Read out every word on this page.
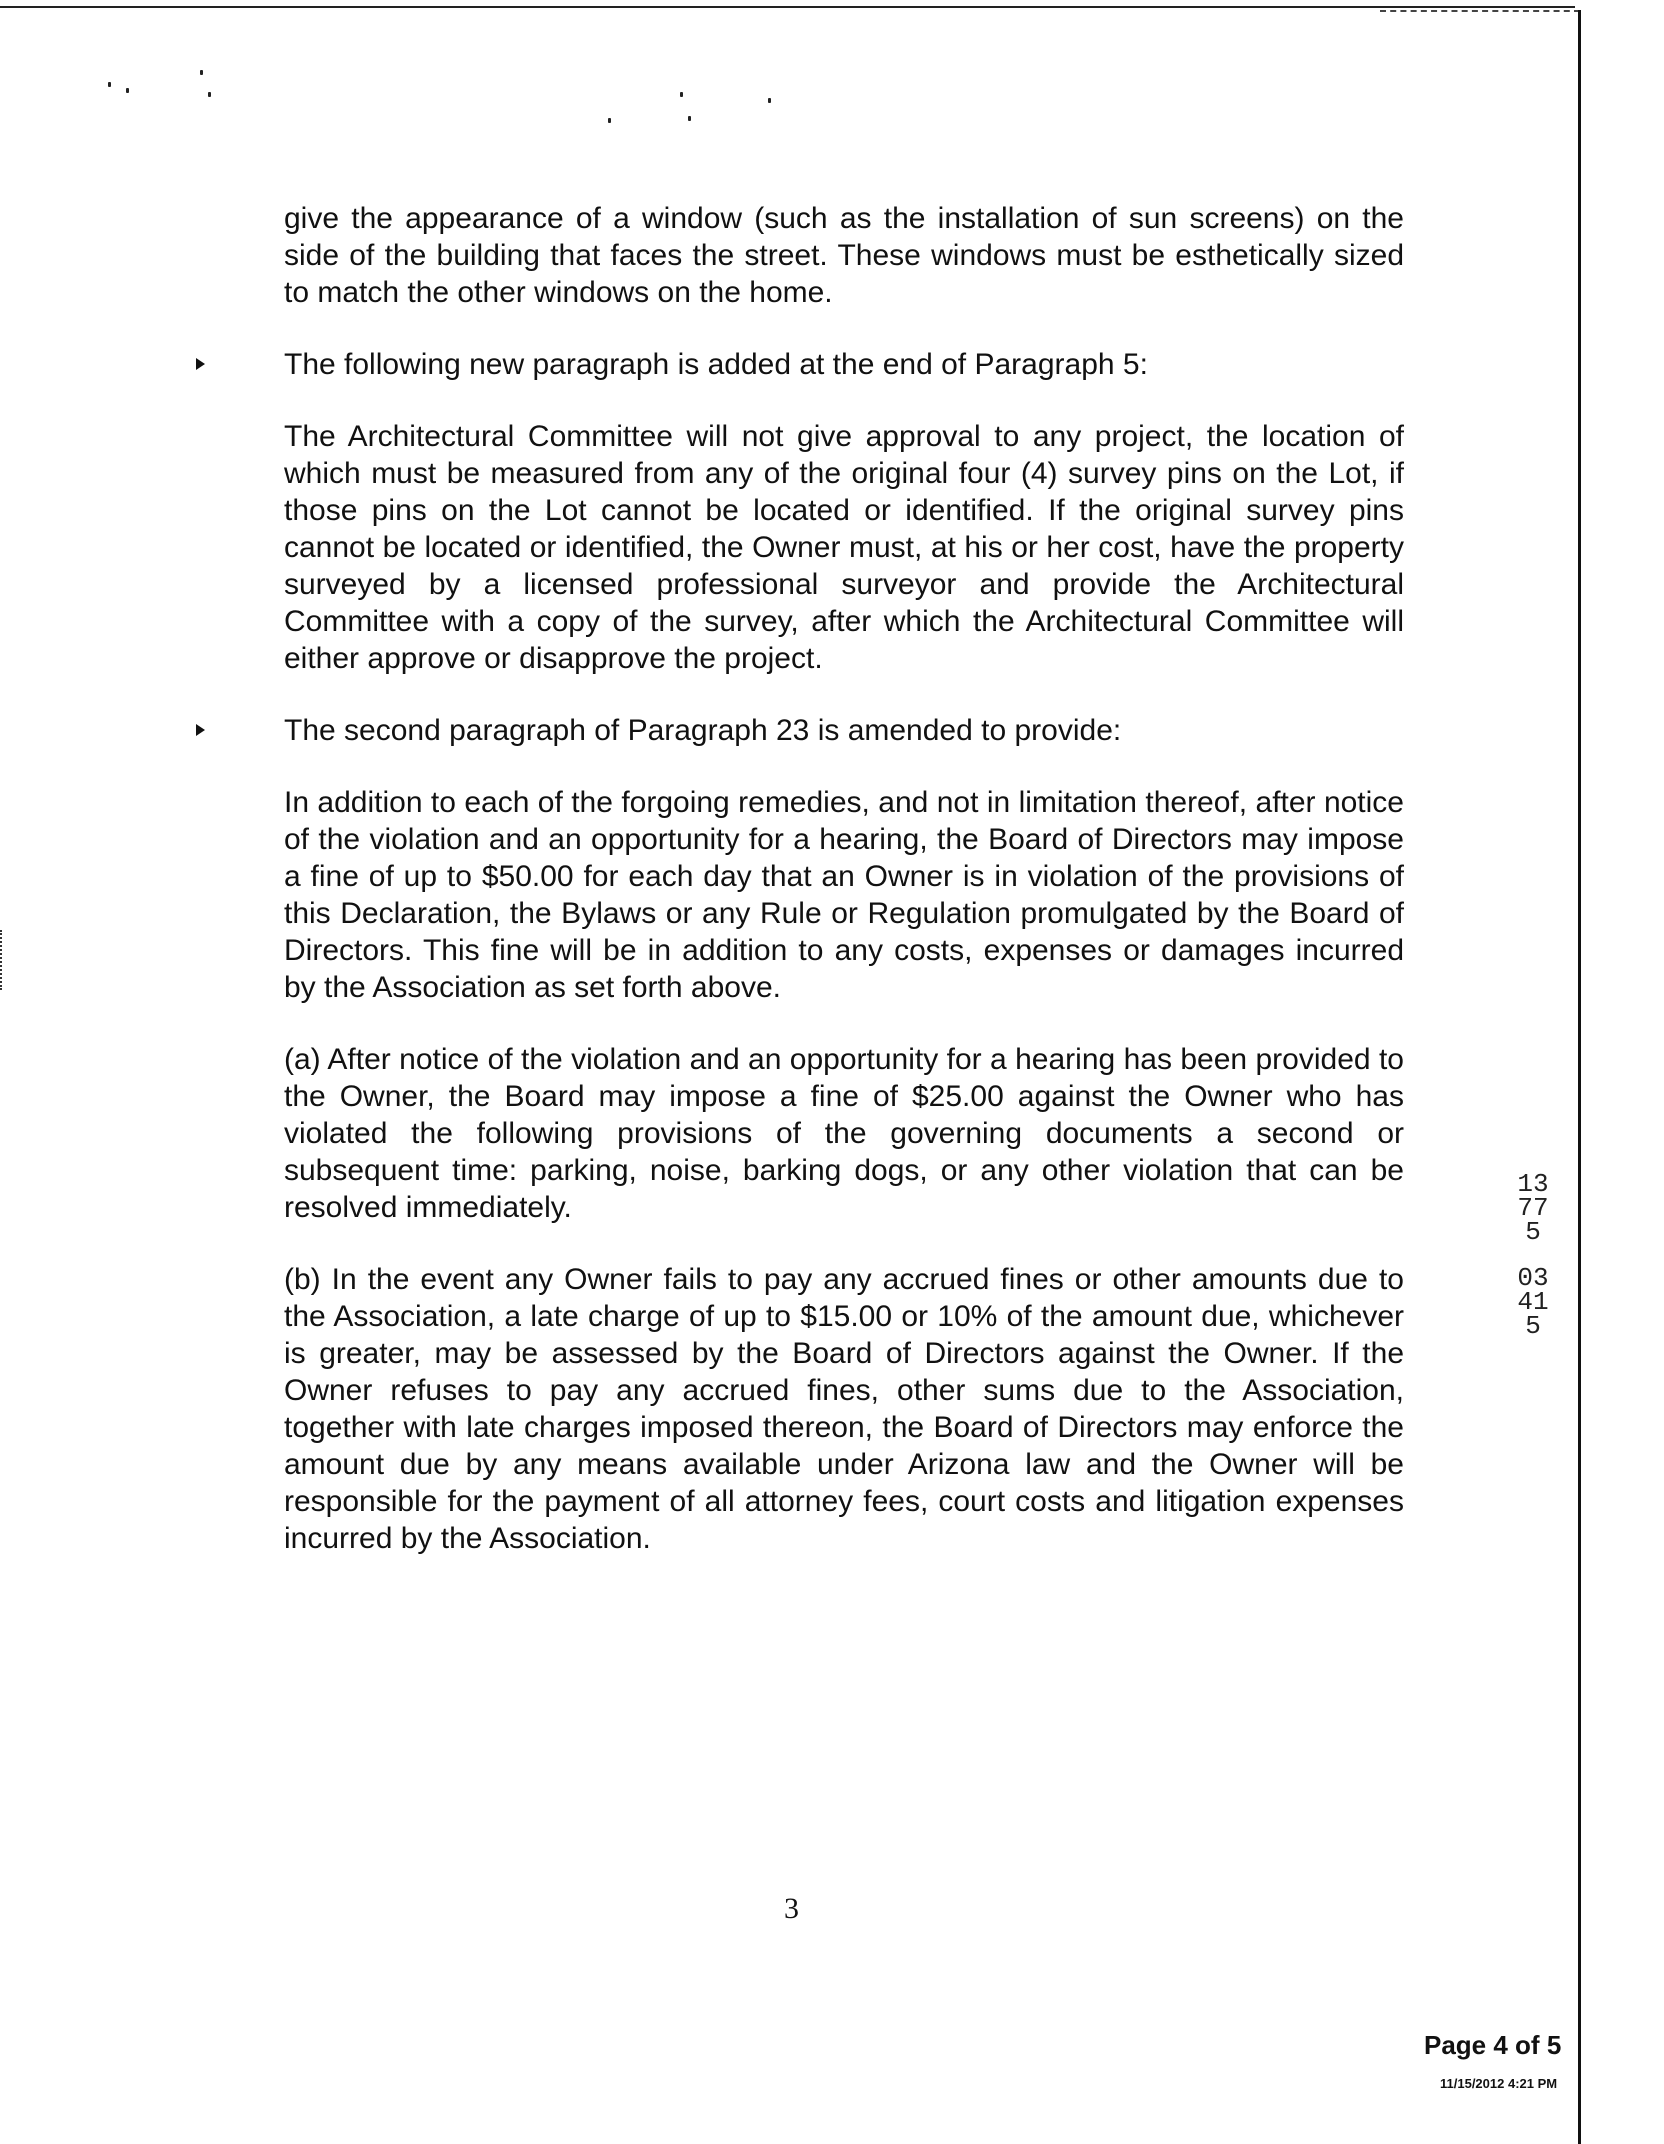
give the appearance of a window (such as the installation of sun screens) on the side of the building that faces the street. These windows must be esthetically sized to match the other windows on the home.

The following new paragraph is added at the end of Paragraph 5:

The Architectural Committee will not give approval to any project, the location of which must be measured from any of the original four (4) survey pins on the Lot, if those pins on the Lot cannot be located or identified. If the original survey pins cannot be located or identified, the Owner must, at his or her cost, have the property surveyed by a licensed professional surveyor and provide the Architectural Committee with a copy of the survey, after which the Architectural Committee will either approve or disapprove the project.

The second paragraph of Paragraph 23 is amended to provide:

In addition to each of the forgoing remedies, and not in limitation thereof, after notice of the violation and an opportunity for a hearing, the Board of Directors may impose a fine of up to $50.00 for each day that an Owner is in violation of the provisions of this Declaration, the Bylaws or any Rule or Regulation promulgated by the Board of Directors. This fine will be in addition to any costs, expenses or damages incurred by the Association as set forth above.

(a) After notice of the violation and an opportunity for a hearing has been provided to the Owner, the Board may impose a fine of $25.00 against the Owner who has violated the following provisions of the governing documents a second or subsequent time: parking, noise, barking dogs, or any other violation that can be resolved immediately.

(b) In the event any Owner fails to pay any accrued fines or other amounts due to the Association, a late charge of up to $15.00 or 10% of the amount due, whichever is greater, may be assessed by the Board of Directors against the Owner. If the Owner refuses to pay any accrued fines, other sums due to the Association, together with late charges imposed thereon, the Board of Directors may enforce the amount due by any means available under Arizona law and the Owner will be responsible for the payment of all attorney fees, court costs and litigation expenses incurred by the Association.

13775
03415
3
Page 4 of 5
11/15/2012 4:21 PM
